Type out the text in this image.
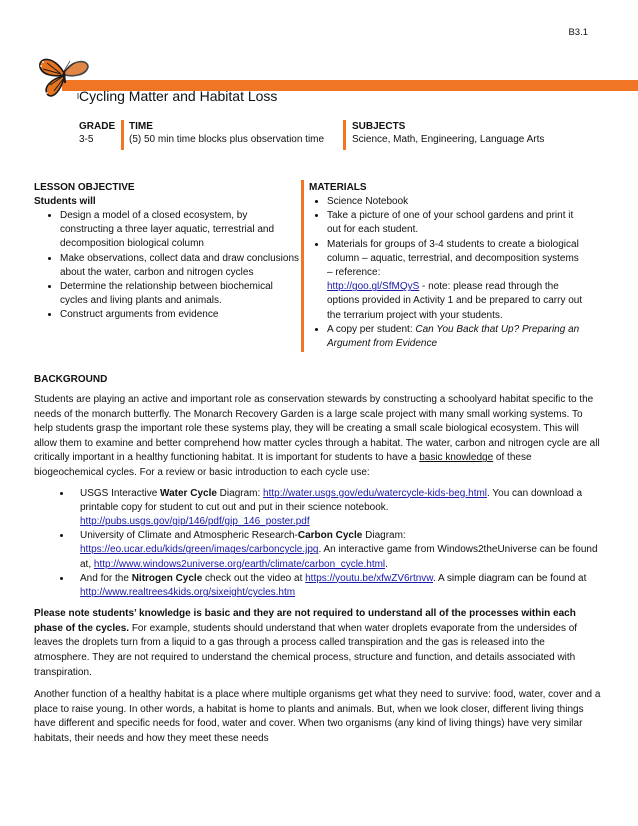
B3.1
Cycling Matter and Habitat Loss
GRADE
3-5
TIME
(5) 50 min time blocks plus observation time
SUBJECTS
Science, Math, Engineering, Language Arts
LESSON OBJECTIVE
Students will
• Design a model of a closed ecosystem, by constructing a three layer aquatic, terrestrial and decomposition biological column
• Make observations, collect data and draw conclusions about the water, carbon and nitrogen cycles
• Determine the relationship between biochemical cycles and living plants and animals.
• Construct arguments from evidence
MATERIALS
• Science Notebook
• Take a picture of one of your school gardens and print it out for each student.
• Materials for groups of 3-4 students to create a biological column – aquatic, terrestrial, and decomposition systems – reference:
http://goo.gl/SfMQyS - note: please read through the options provided in Activity 1 and be prepared to carry out the terrarium project with your students.
• A copy per student: Can You Back that Up? Preparing an Argument from Evidence
BACKGROUND

Students are playing an active and important role as conservation stewards by constructing a schoolyard habitat specific to the needs of the monarch butterfly. The Monarch Recovery Garden is a large scale project with many small working systems. To help students grasp the important role these systems play, they will be creating a small scale biological ecosystem. This will allow them to examine and better comprehend how matter cycles through a habitat. The water, carbon and nitrogen cycle are all critically important in a healthy functioning habitat. It is important for students to have a basic knowledge of these biogeochemical cycles. For a review or basic introduction to each cycle use:

• USGS Interactive Water Cycle Diagram: http://water.usgs.gov/edu/watercycle-kids-beg.html. You can download a printable copy for student to cut out and put in their science notebook.
http://pubs.usgs.gov/gip/146/pdf/gip_146_poster.pdf
• University of Climate and Atmospheric Research-Carbon Cycle Diagram:
https://eo.ucar.edu/kids/green/images/carboncycle.jpg. An interactive game from Windows2theUniverse can be found at, http://www.windows2universe.org/earth/climate/carbon_cycle.html.
• And for the Nitrogen Cycle check out the video at https://youtu.be/xfwZV6rtnvw. A simple diagram can be found at http://www.realtrees4kids.org/sixeight/cycles.htm

Please note students’ knowledge is basic and they are not required to understand all of the processes within each phase of the cycles. For example, students should understand that when water droplets evaporate from the undersides of leaves the droplets turn from a liquid to a gas through a process called transpiration and the gas is released into the atmosphere. They are not required to understand the chemical process, structure and function, and details associated with transpiration.

Another function of a healthy habitat is a place where multiple organisms get what they need to survive: food, water, cover and a place to raise young. In other words, a habitat is home to plants and animals. But, when we look closer, different living things have different and specific needs for food, water and cover. When two organisms (any kind of living things) have very similar habitats, their needs and how they meet these needs
